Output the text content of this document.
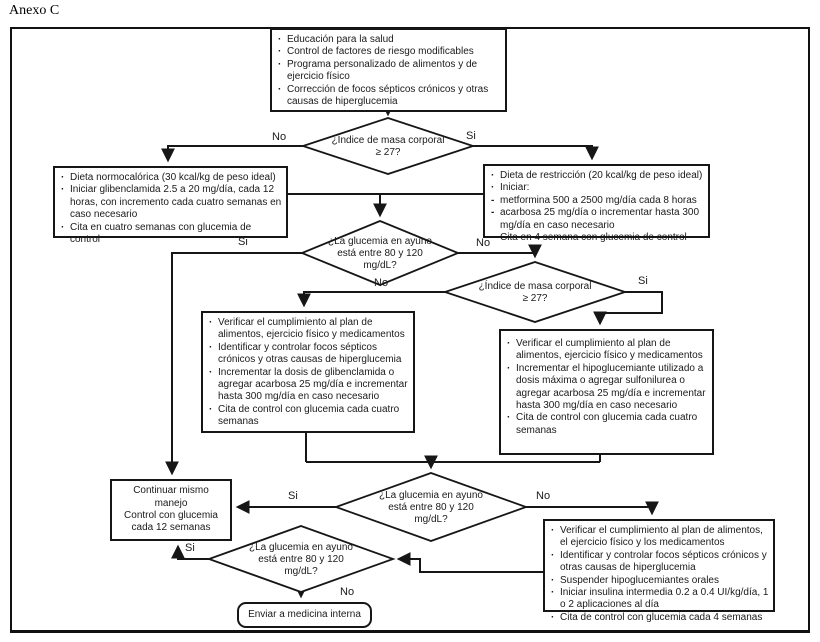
Anexo C
· Educación para la salud
· Control de factores de riesgo modificables
· Programa personalizado de alimentos y de ejercicio físico
· Corrección de focos sépticos crónicos y otras causas de hiperglucemia
· Dieta normocalórica (30 kcal/kg de peso ideal)
· Iniciar glibenclamida 2.5 a 20 mg/día, cada 12 horas, con incremento cada cuatro semanas en caso necesario
· Cita en cuatro semanas con glucemia de control
· Dieta de restricción (20 kcal/kg de peso ideal)
· Iniciar:
- metformina 500 a 2500 mg/día cada 8 horas
- acarbosa 25 mg/día o incrementar hasta 300 mg/día en caso necesario
· Cita en 4 semana con glucemia de control
· Verificar el cumplimiento al plan de alimentos, ejercicio físico y medicamentos
· Identificar y controlar focos sépticos crónicos y otras causas de hiperglucemia
· Incrementar la dosis de glibenclamida o agregar acarbosa 25 mg/día e incrementar hasta 300 mg/día en caso necesario
· Cita de control con glucemia cada cuatro semanas
· Verificar el cumplimiento al plan de alimentos, ejercicio físico y medicamentos
· Incrementar el hipoglucemiante utilizado a dosis máxima o agregar sulfonilurea o agregar acarbosa 25 mg/día e incrementar hasta 300 mg/día en caso necesario
· Cita de control con glucemia cada cuatro semanas
· Verificar el cumplimiento al plan de alimentos, el ejercicio físico y los medicamentos
· Identificar y controlar focos sépticos crónicos y otras causas de hiperglucemia
· Suspender hipoglucemiantes orales
· Iniciar insulina intermedia 0.2 a 0.4 UI/kg/día, 1 o 2 aplicaciones al día
· Cita de control con glucemia cada 4 semanas
Continuar mismo manejo
Control con glucemia cada 12 semanas
Enviar a medicina interna
¿Índice de masa corporal ≥ 27?
¿La glucemia en ayuno está entre 80 y 120 mg/dL?
¿Índice de masa corporal ≥ 27?
¿La glucemia en ayuno está entre 80 y 120 mg/dL?
¿La glucemia en ayuno está entre 80 y 120 mg/dL?
No	Si
Si	No
No	Si
Si	No
Si
No
